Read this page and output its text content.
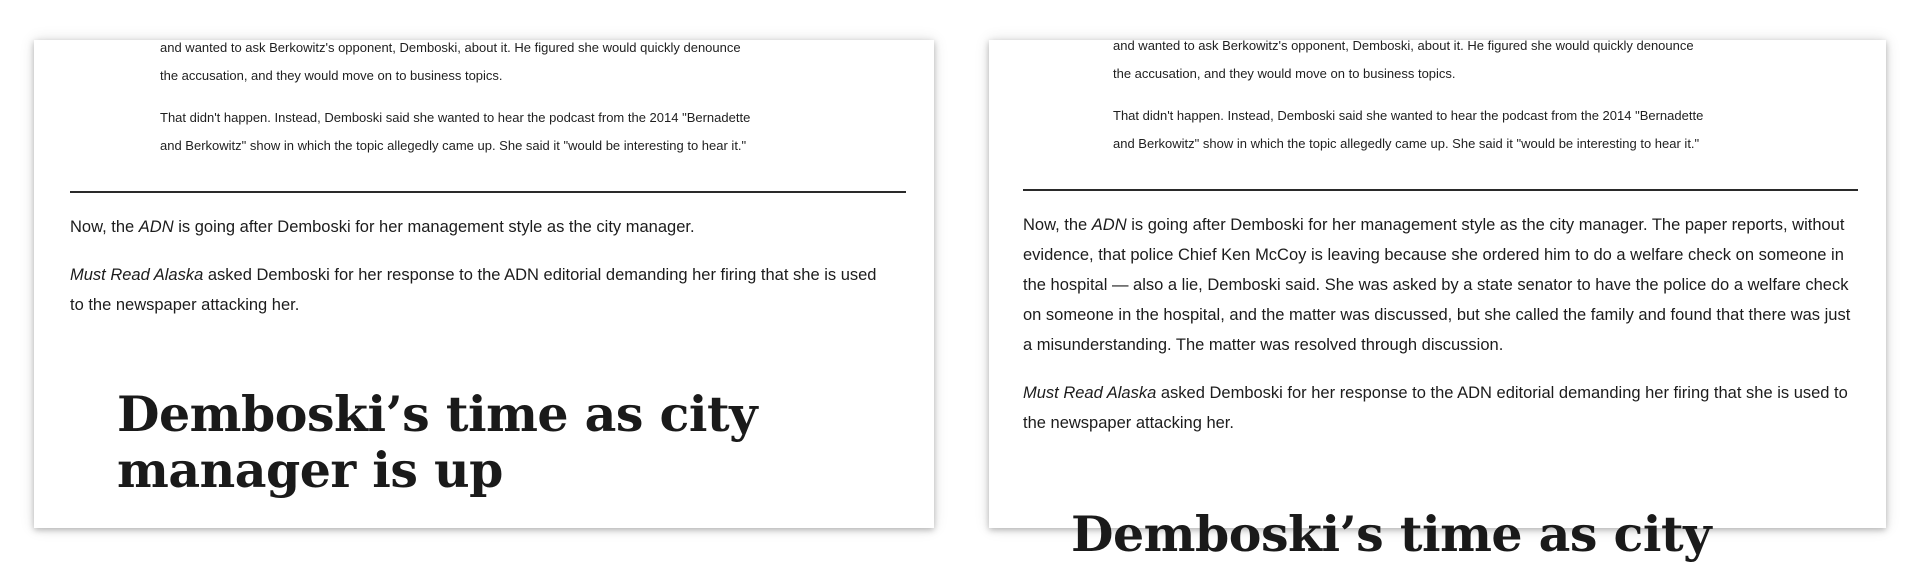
and wanted to ask Berkowitz's opponent, Demboski, about it. He figured she would quickly denounce

the accusation, and they would move on to business topics.

That didn't happen. Instead, Demboski said she wanted to hear the podcast from the 2014 "Bernadette

and Berkowitz" show in which the topic allegedly came up. She said it "would be interesting to hear it."

Now, the ADN is going after Demboski for her management style as the city manager.

Must Read Alaska asked Demboski for her response to the ADN editorial demanding her firing that she is used to the newspaper attacking her.

Demboski’s time as city manager is up

and wanted to ask Berkowitz's opponent, Demboski, about it. He figured she would quickly denounce

the accusation, and they would move on to business topics.

That didn't happen. Instead, Demboski said she wanted to hear the podcast from the 2014 "Bernadette

and Berkowitz" show in which the topic allegedly came up. She said it "would be interesting to hear it."

Now, the ADN is going after Demboski for her management style as the city manager. The paper reports, without evidence, that police Chief Ken McCoy is leaving because she ordered him to do a welfare check on someone in the hospital — also a lie, Demboski said. She was asked by a state senator to have the police do a welfare check on someone in the hospital, and the matter was discussed, but she called the family and found that there was just a misunderstanding. The matter was resolved through discussion.

Must Read Alaska asked Demboski for her response to the ADN editorial demanding her firing that she is used to the newspaper attacking her.

Demboski’s time as city
